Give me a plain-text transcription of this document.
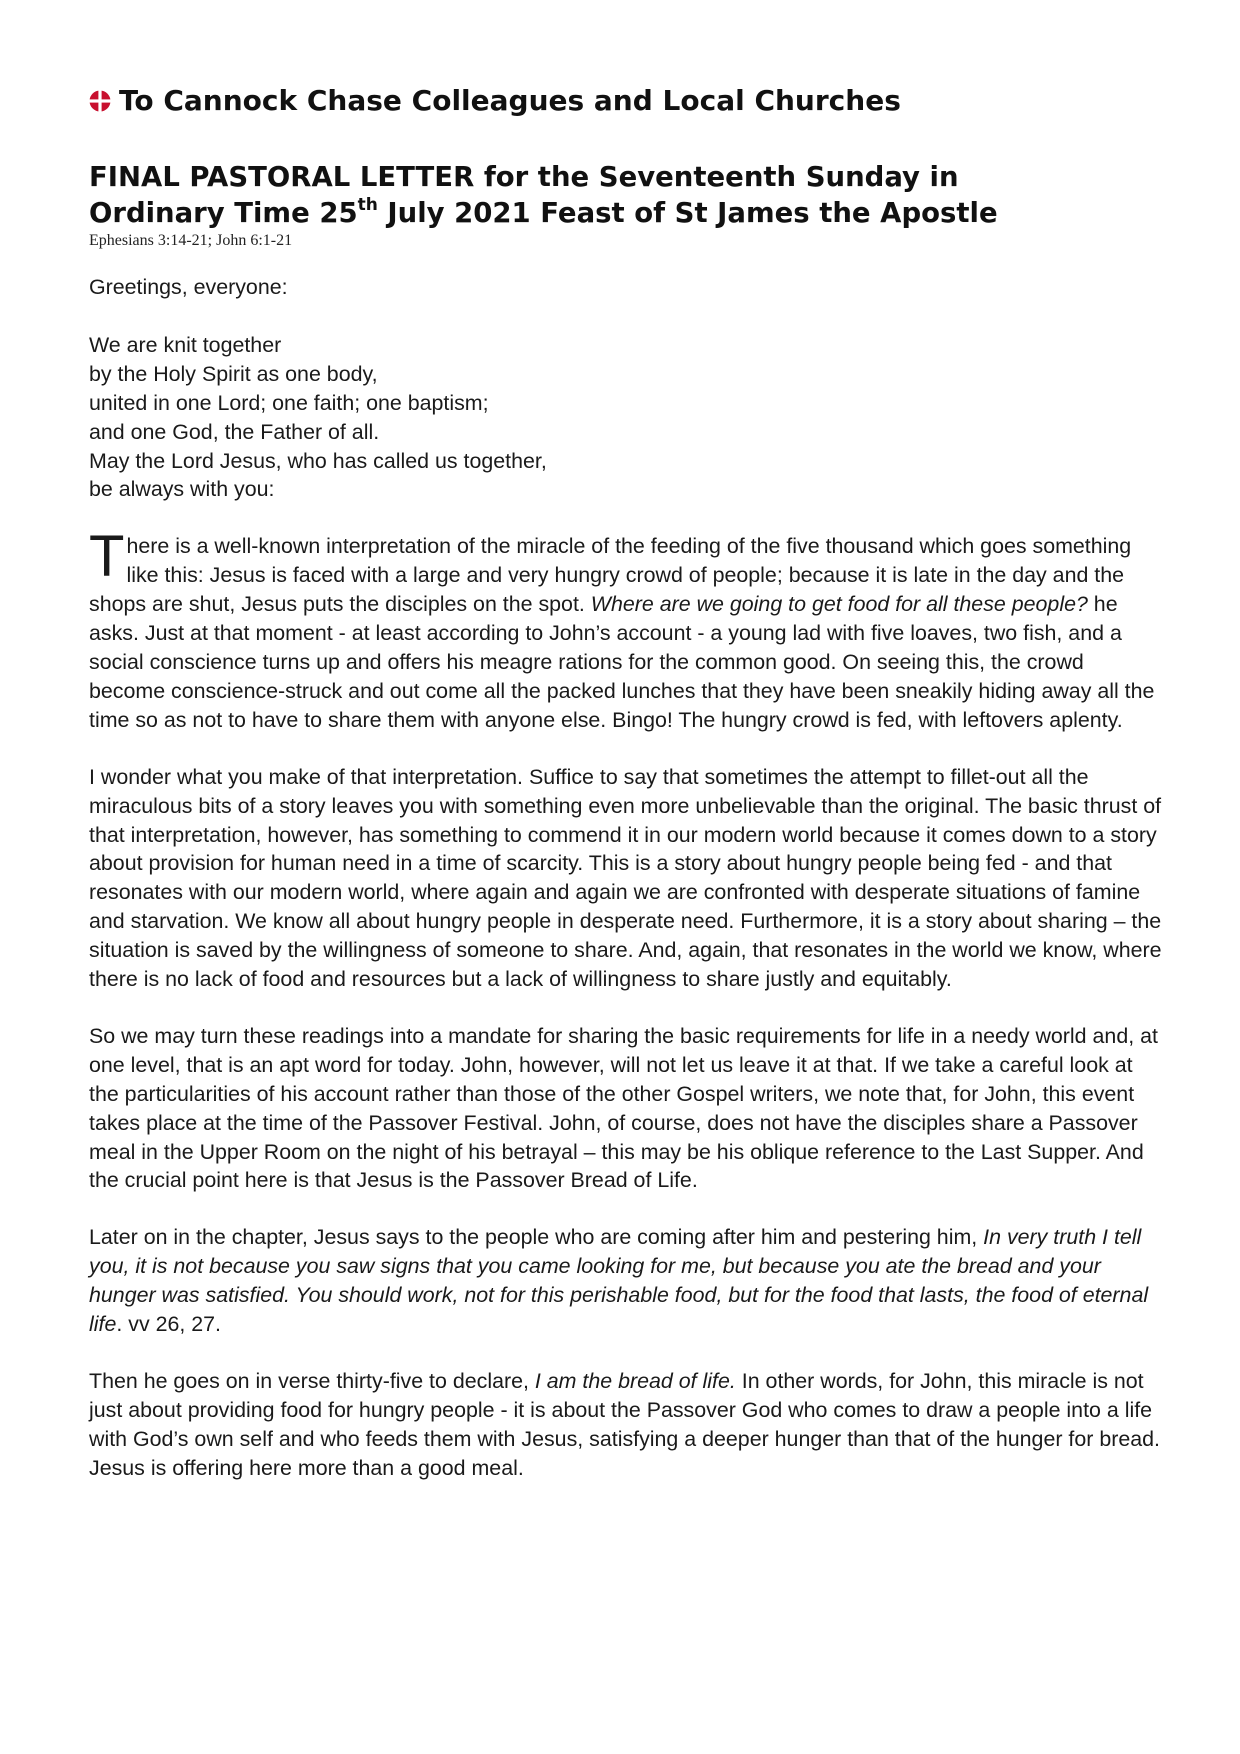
To Cannock Chase Colleagues and Local Churches
FINAL PASTORAL LETTER for the Seventeenth Sunday in
Ordinary Time 25th July 2021 Feast of St James the Apostle
Ephesians 3:14-21; John 6:1-21

Greetings, everyone:

We are knit together
by the Holy Spirit as one body,
united in one Lord; one faith; one baptism;
and one God, the Father of all.
May the Lord Jesus, who has called us together,
be always with you:

There is a well-known interpretation of the miracle of the feeding of the five thousand which goes something like this: Jesus is faced with a large and very hungry crowd of people; because it is late in the day and the shops are shut, Jesus puts the disciples on the spot. Where are we going to get food for all these people? he asks. Just at that moment - at least according to John’s account - a young lad with five loaves, two fish, and a social conscience turns up and offers his meagre rations for the common good. On seeing this, the crowd become conscience-struck and out come all the packed lunches that they have been sneakily hiding away all the time so as not to have to share them with anyone else. Bingo! The hungry crowd is fed, with leftovers aplenty.

I wonder what you make of that interpretation. Suffice to say that sometimes the attempt to fillet-out all the miraculous bits of a story leaves you with something even more unbelievable than the original. The basic thrust of that interpretation, however, has something to commend it in our modern world because it comes down to a story about provision for human need in a time of scarcity. This is a story about hungry people being fed - and that resonates with our modern world, where again and again we are confronted with desperate situations of famine and starvation. We know all about hungry people in desperate need. Furthermore, it is a story about sharing – the situation is saved by the willingness of someone to share. And, again, that resonates in the world we know, where there is no lack of food and resources but a lack of willingness to share justly and equitably.

So we may turn these readings into a mandate for sharing the basic requirements for life in a needy world and, at one level, that is an apt word for today. John, however, will not let us leave it at that. If we take a careful look at the particularities of his account rather than those of the other Gospel writers, we note that, for John, this event takes place at the time of the Passover Festival. John, of course, does not have the disciples share a Passover meal in the Upper Room on the night of his betrayal – this may be his oblique reference to the Last Supper. And the crucial point here is that Jesus is the Passover Bread of Life.

Later on in the chapter, Jesus says to the people who are coming after him and pestering him, In very truth I tell you, it is not because you saw signs that you came looking for me, but because you ate the bread and your hunger was satisfied. You should work, not for this perishable food, but for the food that lasts, the food of eternal life. vv 26, 27.

Then he goes on in verse thirty-five to declare, I am the bread of life. In other words, for John, this miracle is not just about providing food for hungry people - it is about the Passover God who comes to draw a people into a life with God’s own self and who feeds them with Jesus, satisfying a deeper hunger than that of the hunger for bread. Jesus is offering here more than a good meal.
